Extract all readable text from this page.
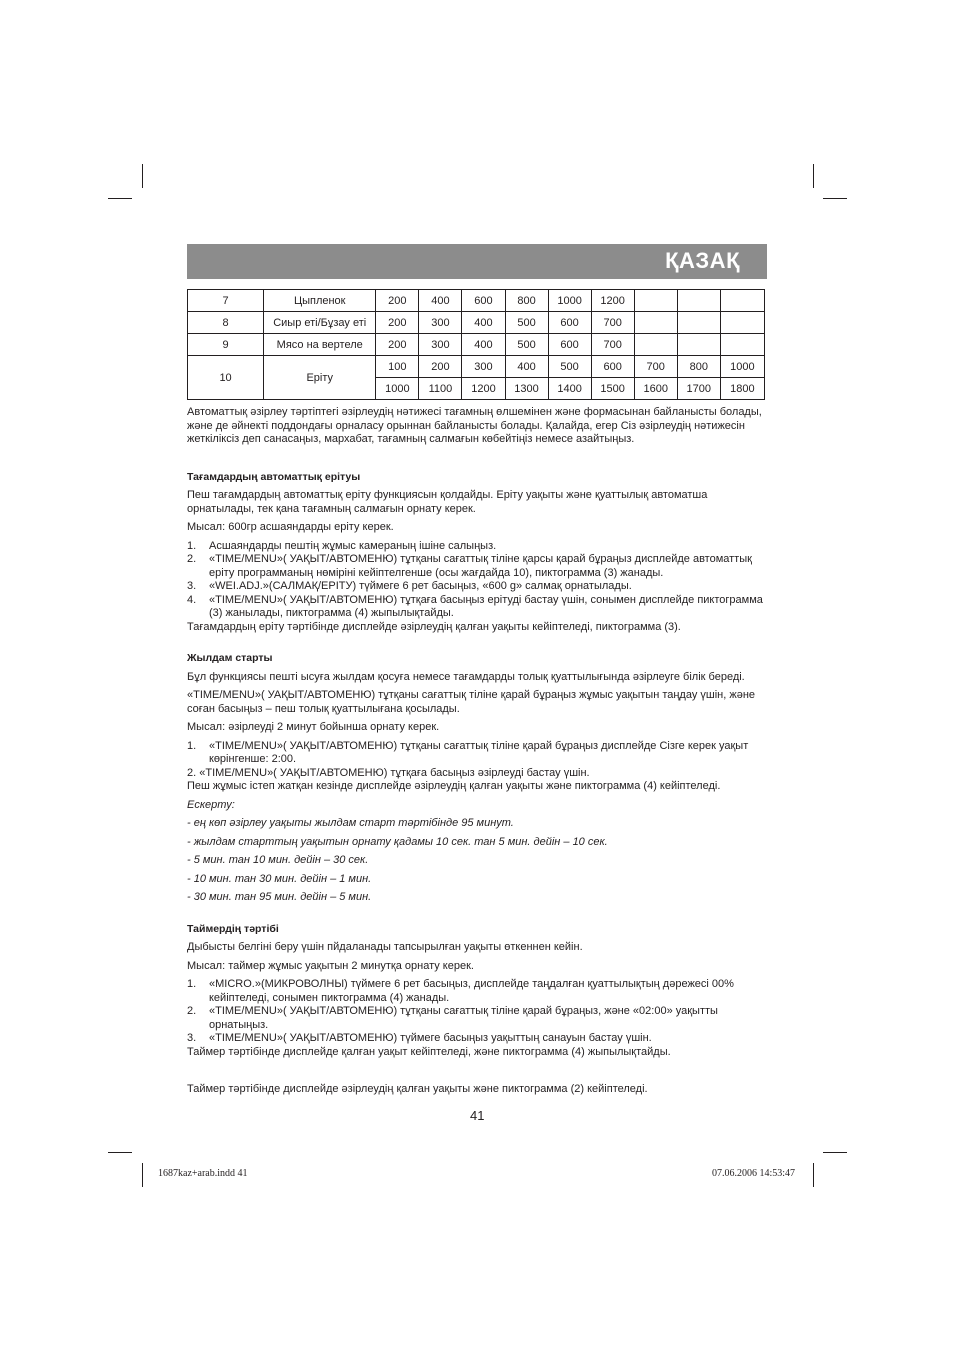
ҚАЗАҚ
7	Цыпленок	200	400	600	800	1000	1200			
8	Сиыр еті/Бұзау еті	200	300	400	500	600	700			
9	Мясо на вертеле	200	300	400	500	600	700			
10	Еріту	100	200	300	400	500	600	700	800	1000
		1000	1100	1200	1300	1400	1500	1600	1700	1800

Автоматтық әзірлеу тәртіптегі әзірлеудің нәтижесі тағамның өлшемінен және формасынан байланысты болады, және де әйнекті поддондағы орналасу орыннан байланысты болады. Қалайда, егер Сіз әзірлеудің нәтижесін жеткіліксіз деп санасаңыз, мархабат, тағамның салмағын көбейтіңіз немесе азайтыңыз.

Тағамдардың автоматтық ерітуы

Пеш тағамдардың автоматтық еріту функциясын қолдайды. Еріту уақыты және қуаттылық автоматша орнатылады, тек қана тағамның салмағын орнату керек.

Мысал: 600гр асшаяндарды еріту керек.

1.	Асшаяндарды пештің жұмыс камераның ішіне салыңыз.
2.	«TIME/MENU»( УАҚЫТ/АВТОМЕНЮ) тұтқаны сағаттық тіліне қарсы қарай бұраңыз дисплейде автоматтық еріту программаның нөмірінi кейiптелгенше (осы жағдайда 10), пиктограмма (3) жанады.
3.	«WEI.ADJ.»(САЛМАҚ/ЕРІТУ) түймеге 6 рет басыңыз, «600 g» салмақ орнатылады.
4.	«TIME/MENU»( УАҚЫТ/АВТОМЕНЮ) тұтқаға басыңыз ерітуді бастау үшін, сонымен дисплейде пиктограмма (3) жанылады, пиктограмма (4) жыпылықтайды.

Тағамдардың еріту тәртібінде дисплейде әзірлеудің қалған уақыты кейiптеледi, пиктограмма (3).

Жылдам старты

Бұл функциясы пешті ысуға жылдам қосуға немесе тағамдарды толық қуаттылығында әзірлеуге білік береді.

«TIME/MENU»( УАҚЫТ/АВТОМЕНЮ) тұтқаны сағаттық тіліне қарай бұраңыз жұмыс уақытын таңдау үшін, және соған басыңыз – пеш толық қуаттылығана қосылады.

Мысал: әзірлеуді 2 минут бойынша орнату керек.

1.	«TIME/MENU»( УАҚЫТ/АВТОМЕНЮ) тұтқаны сағаттық тіліне қарай бұраңыз дисплейде Сізге керек уақыт көрінгенше: 2:00.

2. «TIME/MENU»( УАҚЫТ/АВТОМЕНЮ) тұтқаға басыңыз әзірлеуді бастау үшін.

Пеш жұмыс істеп жатқан кезінде дисплейде әзірлеудің қалған уақыты және пиктограмма (4) кейiптеледi.

Ескерту:

- ең көп әзірлеу уақыты жылдам старт тәртібінде 95 минут.

- жылдам старттың уақытын орнату қадамы 10 сек. тан 5 мин. дейін – 10 сек.

- 5 мин. тан 10 мин. дейін – 30 сек.

- 10 мин. тан 30 мин. дейін – 1 мин.

- 30 мин. тан 95 мин. дейін – 5 мин.

Таймердің тәртібі

Дыбысты белгіні беру үшін пйдаланады тапсырылған уақыты өткеннен кейін.

Мысал: таймер жұмыс уақытын 2 минутқа орнату керек.

1.	«MICRO.»(МИКРОВОЛНЫ) түймеге 6 рет басыңыз, дисплейде таңдалған қуаттылықтың дәрежесі 00% кейiптеледi, сонымен пиктограмма (4) жанады.
2.	«TIME/MENU»( УАҚЫТ/АВТОМЕНЮ) тұтқаны сағаттық тіліне қарай бұраңыз, және «02:00» уақытты орнатыңыз.
3.	«TIME/MENU»( УАҚЫТ/АВТОМЕНЮ) түймеге басыңыз уақыттың санауын бастау үшін.

Таймер тәртібінде дисплейде қалған уақыт кейiптеледi, және пиктограмма (4) жыпылықтайды.

Таймер тәртібінде дисплейде әзірлеудің қалған уақыты және пиктограмма (2) кейiптеледi.

41
1687kaz+arab.indd 41	07.06.2006 14:53:47
